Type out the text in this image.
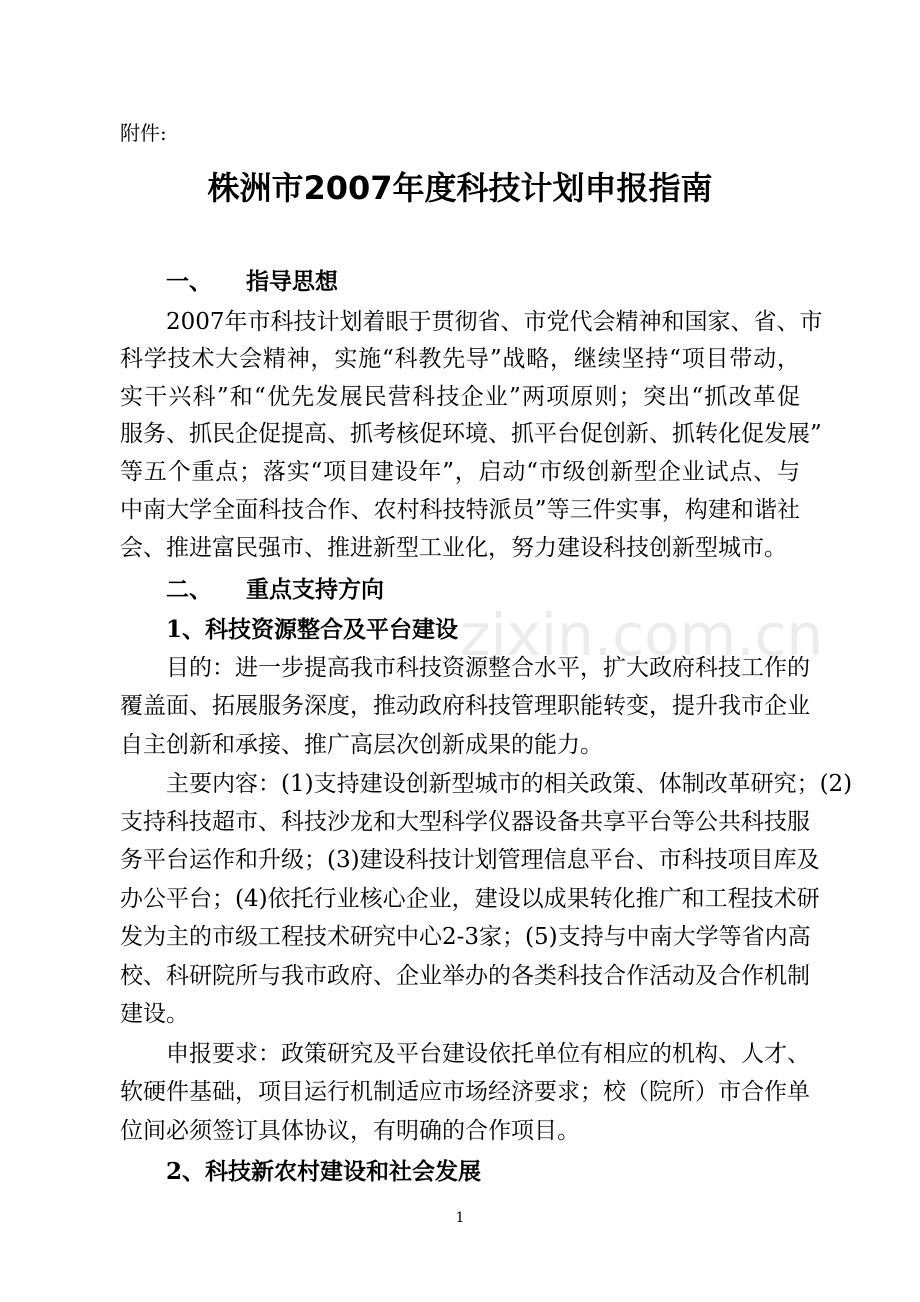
zixin.com.cn
附件:
株洲市2007年度科技计划申报指南
一、 指导思想
2007年市科技计划着眼于贯彻省、市党代会精神和国家、省、市
科学技术大会精神，实施“科教先导”战略，继续坚持“项目带动，
实干兴科”和“优先发展民营科技企业”两项原则；突出“抓改革促
服务、抓民企促提高、抓考核促环境、抓平台促创新、抓转化促发展”
等五个重点；落实“项目建设年”，启动“市级创新型企业试点、与
中南大学全面科技合作、农村科技特派员”等三件实事，构建和谐社
会、推进富民强市、推进新型工业化，努力建设科技创新型城市。
二、 重点支持方向
1、科技资源整合及平台建设
目的：进一步提高我市科技资源整合水平，扩大政府科技工作的
覆盖面、拓展服务深度，推动政府科技管理职能转变，提升我市企业
自主创新和承接、推广高层次创新成果的能力。
主要内容：(1)支持建设创新型城市的相关政策、体制改革研究；(2)
支持科技超市、科技沙龙和大型科学仪器设备共享平台等公共科技服
务平台运作和升级；(3)建设科技计划管理信息平台、市科技项目库及
办公平台；(4)依托行业核心企业，建设以成果转化推广和工程技术研
发为主的市级工程技术研究中心2-3家；(5)支持与中南大学等省内高
校、科研院所与我市政府、企业举办的各类科技合作活动及合作机制
建设。
申报要求：政策研究及平台建设依托单位有相应的机构、人才、
软硬件基础，项目运行机制适应市场经济要求；校（院所）市合作单
位间必须签订具体协议，有明确的合作项目。
2、科技新农村建设和社会发展
1
